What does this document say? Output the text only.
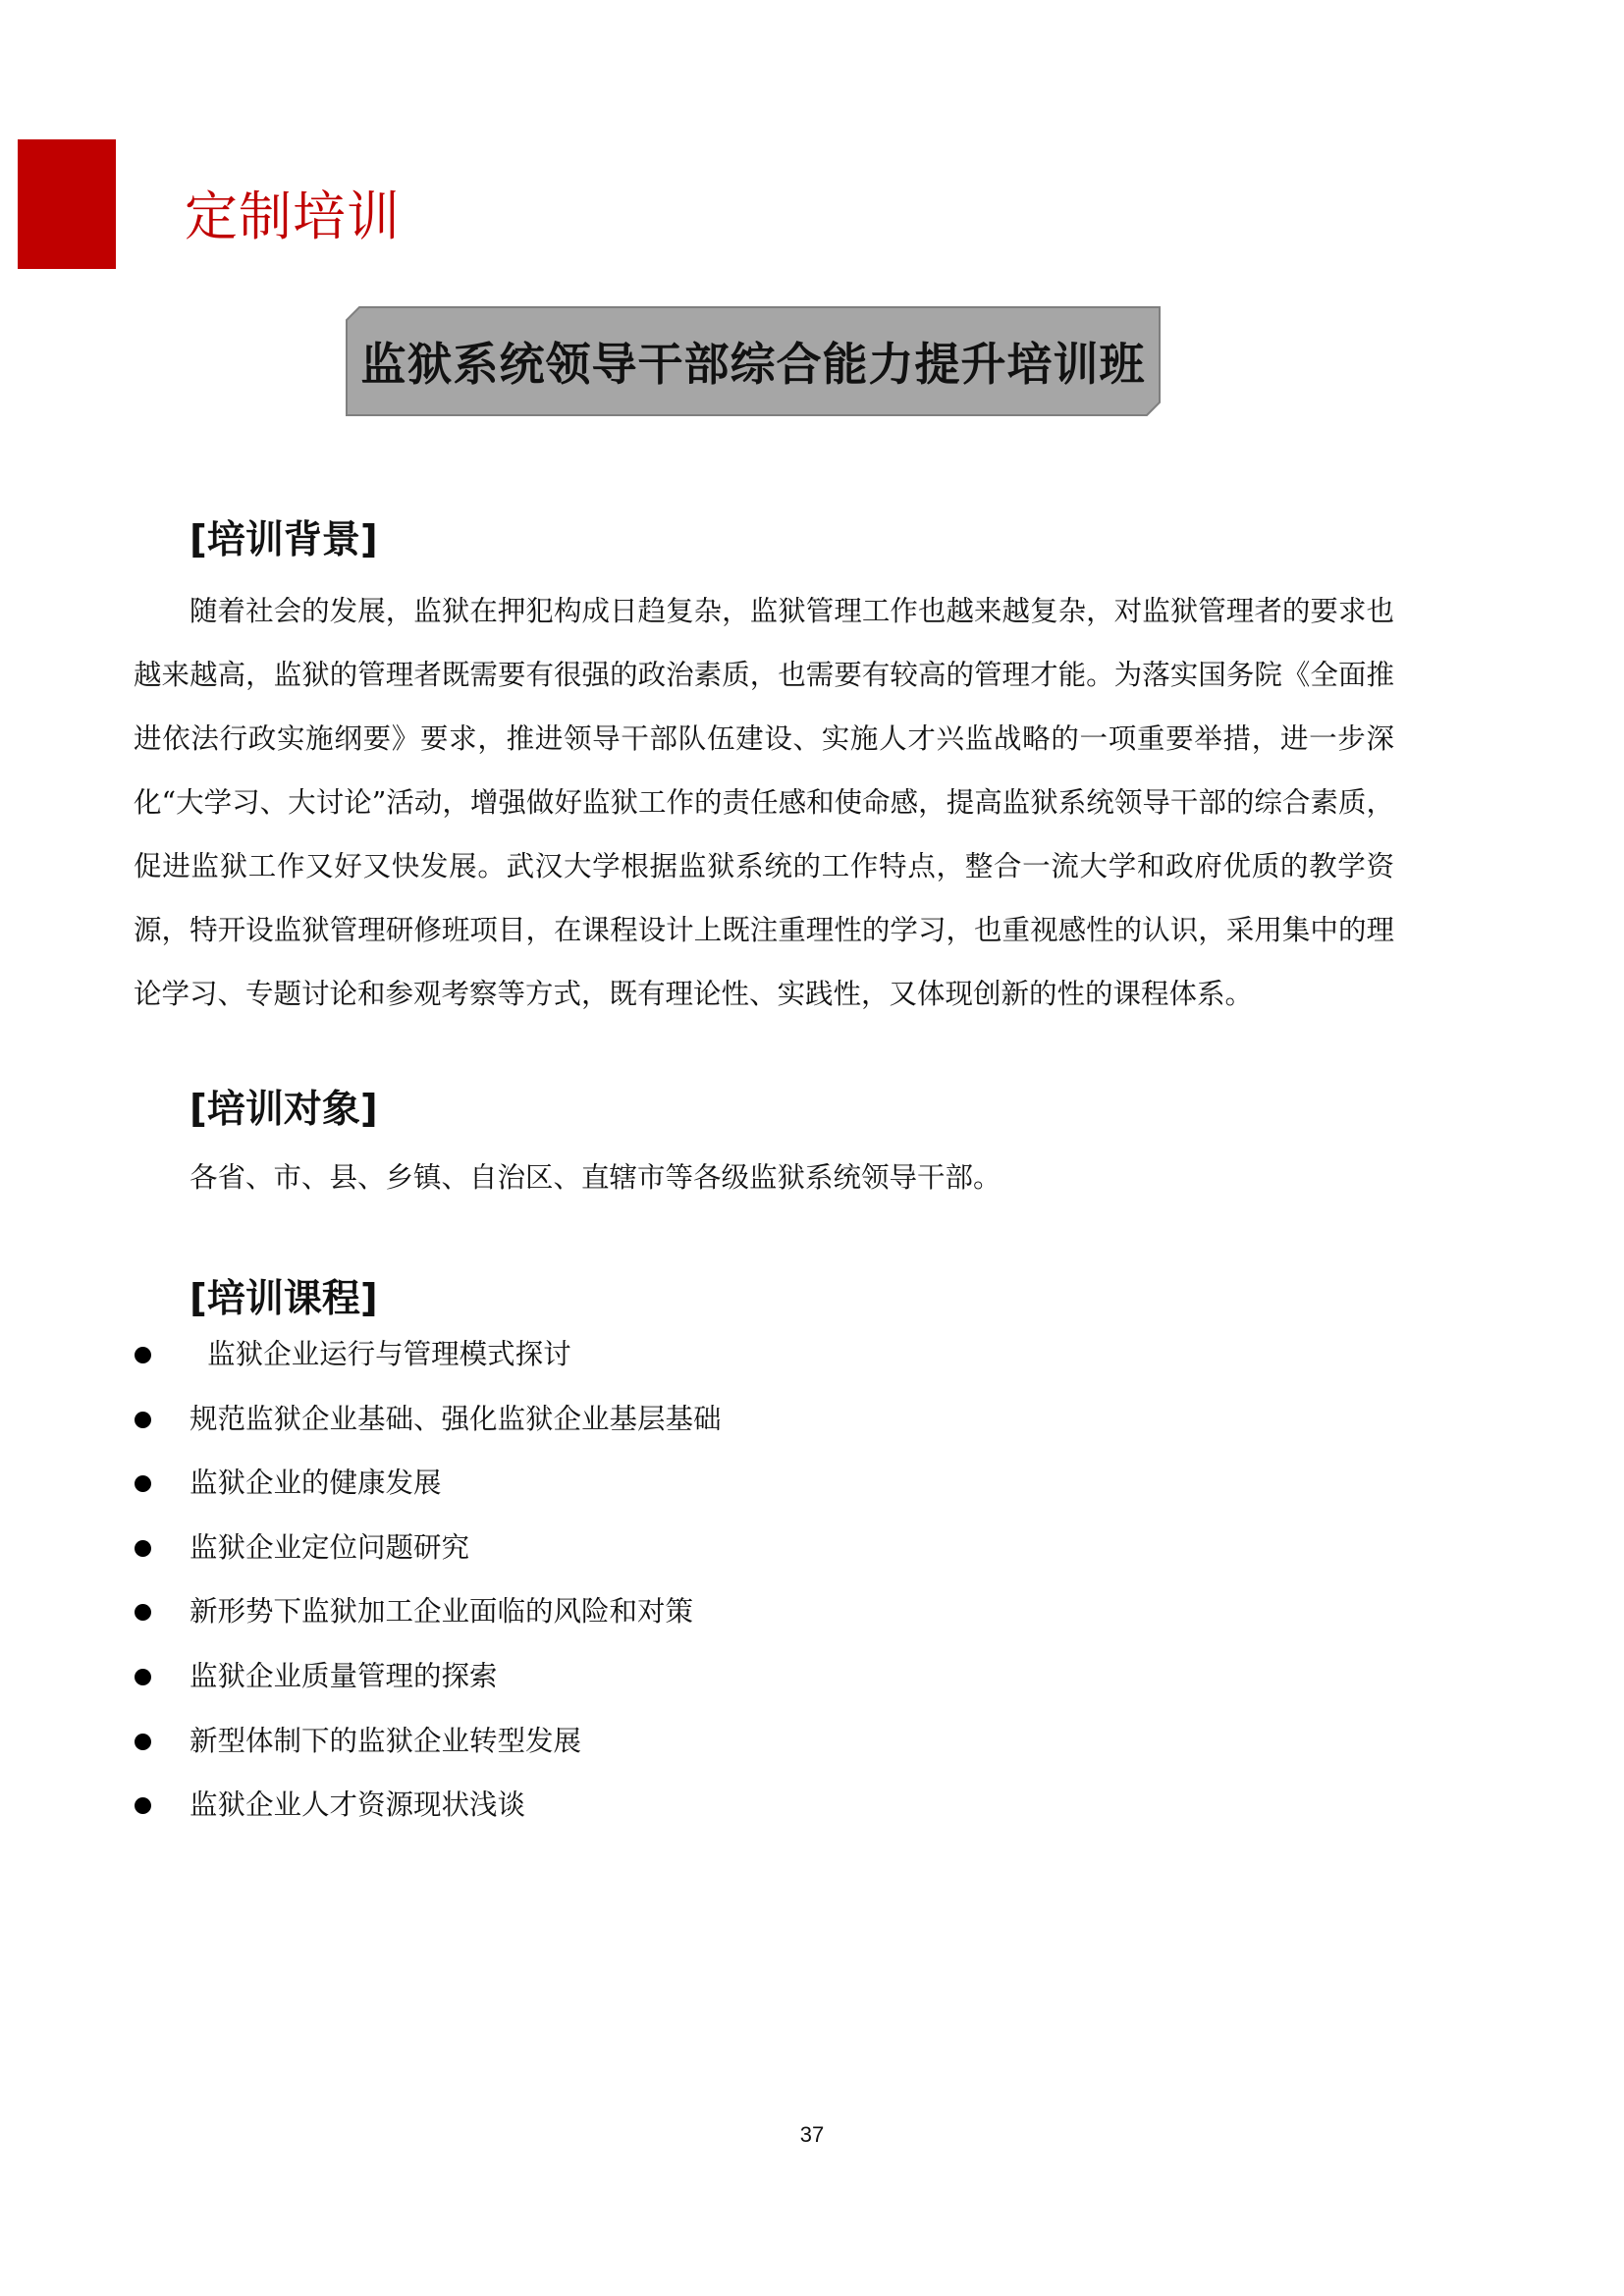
定制培训
监狱系统领导干部综合能力提升培训班
[培训背景]

随着社会的发展，监狱在押犯构成日趋复杂，监狱管理工作也越来越复杂，对监狱管理者的要求也越来越高，监狱的管理者既需要有很强的政治素质，也需要有较高的管理才能。为落实国务院《全面推进依法行政实施纲要》要求，推进领导干部队伍建设、实施人才兴监战略的一项重要举措，进一步深化“大学习、大讨论”活动，增强做好监狱工作的责任感和使命感，提高监狱系统领导干部的综合素质，促进监狱工作又好又快发展。武汉大学根据监狱系统的工作特点，整合一流大学和政府优质的教学资源，特开设监狱管理研修班项目，在课程设计上既注重理性的学习，也重视感性的认识，采用集中的理论学习、专题讨论和参观考察等方式，既有理论性、实践性，又体现创新的性的课程体系。

[培训对象]
各省、市、县、乡镇、自治区、直辖市等各级监狱系统领导干部。
[培训课程]
监狱企业运行与管理模式探讨
规范监狱企业基础、强化监狱企业基层基础
监狱企业的健康发展
监狱企业定位问题研究
新形势下监狱加工企业面临的风险和对策
监狱企业质量管理的探索
新型体制下的监狱企业转型发展
监狱企业人才资源现状浅谈
37
